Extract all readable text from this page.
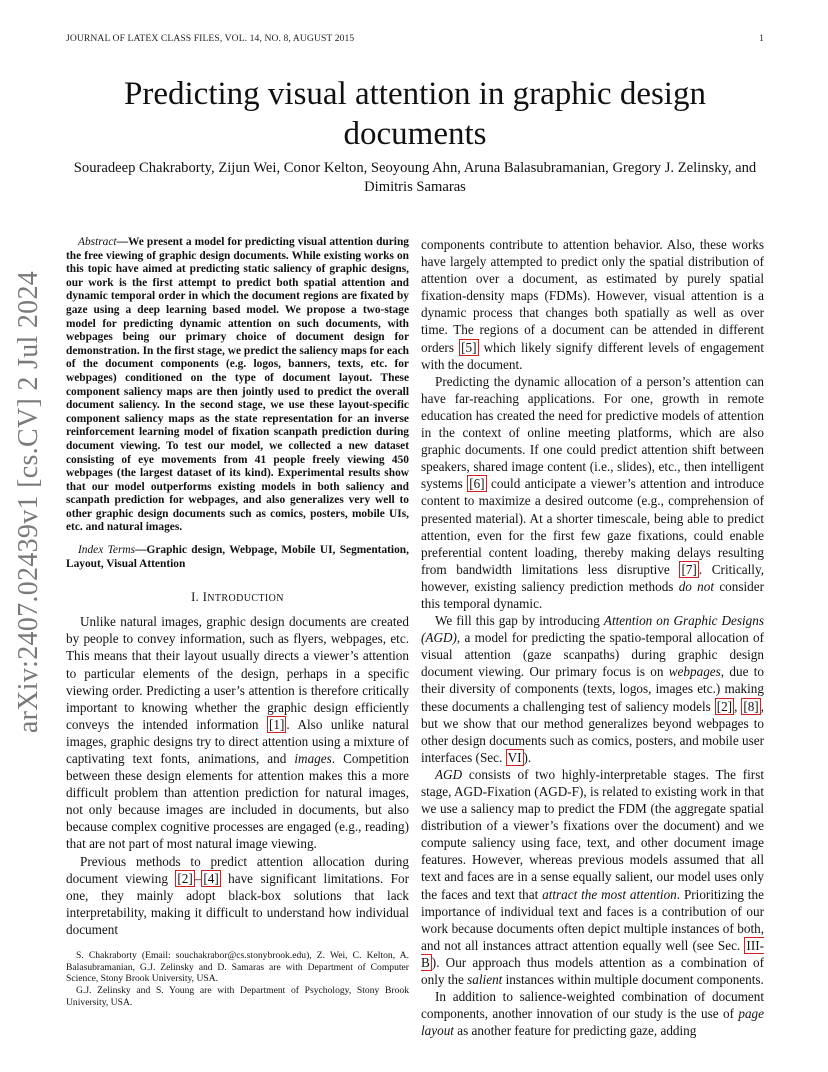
JOURNAL OF LATEX CLASS FILES, VOL. 14, NO. 8, AUGUST 2015	1
arXiv:2407.02439v1 [cs.CV] 2 Jul 2024
Predicting visual attention in graphic design documents
Souradeep Chakraborty, Zijun Wei, Conor Kelton, Seoyoung Ahn, Aruna Balasubramanian, Gregory J. Zelinsky, and Dimitris Samaras

Abstract—We present a model for predicting visual attention during the free viewing of graphic design documents. While existing works on this topic have aimed at predicting static saliency of graphic designs, our work is the first attempt to predict both spatial attention and dynamic temporal order in which the document regions are fixated by gaze using a deep learning based model. We propose a two-stage model for predicting dynamic attention on such documents, with webpages being our primary choice of document design for demonstration. In the first stage, we predict the saliency maps for each of the document components (e.g. logos, banners, texts, etc. for webpages) conditioned on the type of document layout. These component saliency maps are then jointly used to predict the overall document saliency. In the second stage, we use these layout-specific component saliency maps as the state representation for an inverse reinforcement learning model of fixation scanpath prediction during document viewing. To test our model, we collected a new dataset consisting of eye movements from 41 people freely viewing 450 webpages (the largest dataset of its kind). Experimental results show that our model outperforms existing models in both saliency and scanpath prediction for webpages, and also generalizes very well to other graphic design documents such as comics, posters, mobile UIs, etc. and natural images.

Index Terms—Graphic design, Webpage, Mobile UI, Segmentation, Layout, Visual Attention

I. INTRODUCTION

Unlike natural images, graphic design documents are created by people to convey information, such as flyers, webpages, etc. This means that their layout usually directs a viewer’s attention to particular elements of the design, perhaps in a specific viewing order. Predicting a user’s attention is therefore critically important to knowing whether the graphic design efficiently conveys the intended information [1] . Also unlike natural images, graphic designs try to direct attention using a mixture of captivating text fonts, animations, and images. Competition between these design elements for attention makes this a more difficult problem than attention prediction for natural images, not only because images are included in documents, but also because complex cognitive processes are engaged (e.g., reading) that are not part of most natural image viewing.

Previous methods to predict attention allocation during document viewing [2] – [4] have significant limitations. For one, they mainly adopt black-box solutions that lack interpretability, making it difficult to understand how individual document

S. Chakraborty (Email: souchakrabor@cs.stonybrook.edu), Z. Wei, C. Kelton, A. Balasubramanian, G.J. Zelinsky and D. Samaras are with Department of Computer Science, Stony Brook University, USA.

G.J. Zelinsky and S. Young are with Department of Psychology, Stony Brook University, USA.

components contribute to attention behavior. Also, these works have largely attempted to predict only the spatial distribution of attention over a document, as estimated by purely spatial fixation-density maps (FDMs). However, visual attention is a dynamic process that changes both spatially as well as over time. The regions of a document can be attended in different orders [5] which likely signify different levels of engagement with the document.

Predicting the dynamic allocation of a person’s attention can have far-reaching applications. For one, growth in remote education has created the need for predictive models of attention in the context of online meeting platforms, which are also graphic documents. If one could predict attention shift between speakers, shared image content (i.e., slides), etc., then intelligent systems [6] could anticipate a viewer’s attention and introduce content to maximize a desired outcome (e.g., comprehension of presented material). At a shorter timescale, being able to predict attention, even for the first few gaze fixations, could enable preferential content loading, thereby making delays resulting from bandwidth limitations less disruptive [7] . Critically, however, existing saliency prediction methods do not consider this temporal dynamic.

We fill this gap by introducing Attention on Graphic Designs (AGD), a model for predicting the spatio-temporal allocation of visual attention (gaze scanpaths) during graphic design document viewing. Our primary focus is on webpages, due to their diversity of components (texts, logos, images etc.) making these documents a challenging test of saliency models [2] , [8] , but we show that our method generalizes beyond webpages to other design documents such as comics, posters, and mobile user interfaces (Sec. VI ).

AGD consists of two highly-interpretable stages. The first stage, AGD-Fixation (AGD-F), is related to existing work in that we use a saliency map to predict the FDM (the aggregate spatial distribution of a viewer’s fixations over the document) and we compute saliency using face, text, and other document image features. However, whereas previous models assumed that all text and faces are in a sense equally salient, our model uses only the faces and text that attract the most attention. Prioritizing the importance of individual text and faces is a contribution of our work because documents often depict multiple instances of both, and not all instances attract attention equally well (see Sec. III-B ). Our approach thus models attention as a combination of only the salient instances within multiple document components.

In addition to salience-weighted combination of document components, another innovation of our study is the use of page layout as another feature for predicting gaze, adding
